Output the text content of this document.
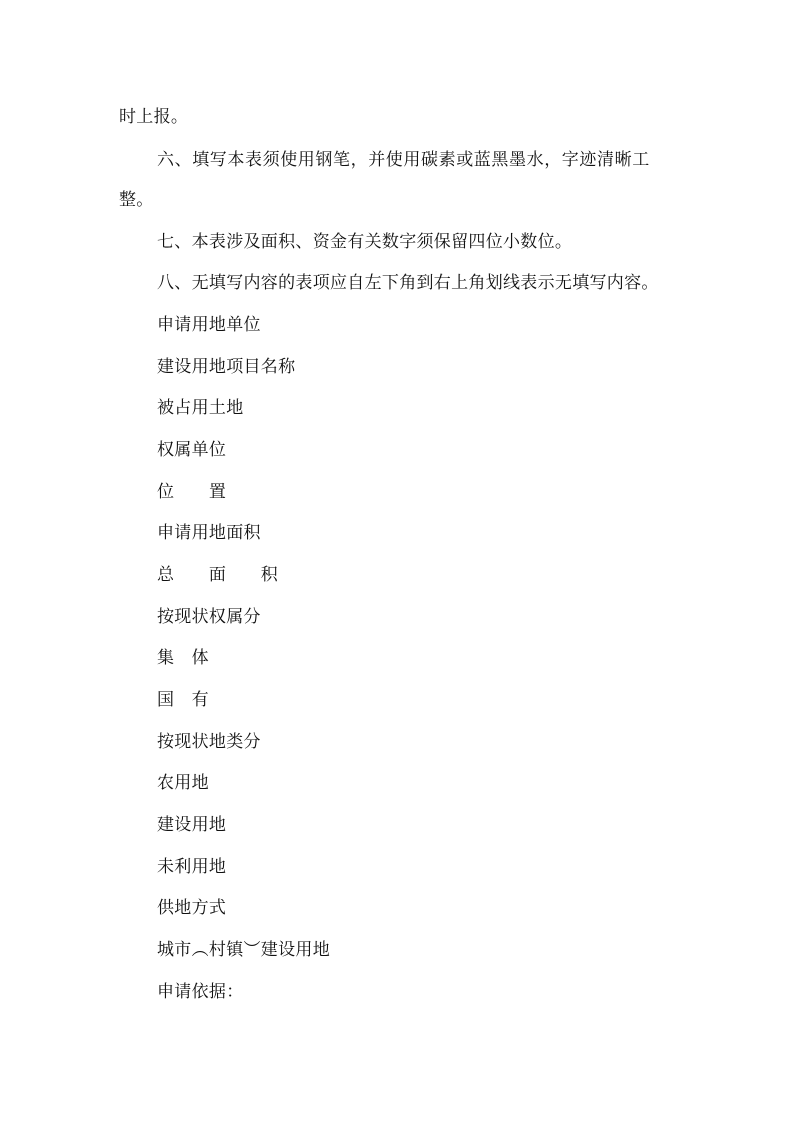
时上报。
六、填写本表须使用钢笔，并使用碳素或蓝黑墨水，字迹清晰工
整。
七、本表涉及面积、资金有关数字须保留四位小数位。
八、无填写内容的表项应自左下角到右上角划线表示无填写内容。
申请用地单位
建设用地项目名称
被占用土地
权属单位
位　　置
申请用地面积
总　　面　　积
按现状权属分
集　体
国　有
按现状地类分
农用地
建设用地
未利用地
供地方式
城市︵村镇︶建设用地
申请依据：
